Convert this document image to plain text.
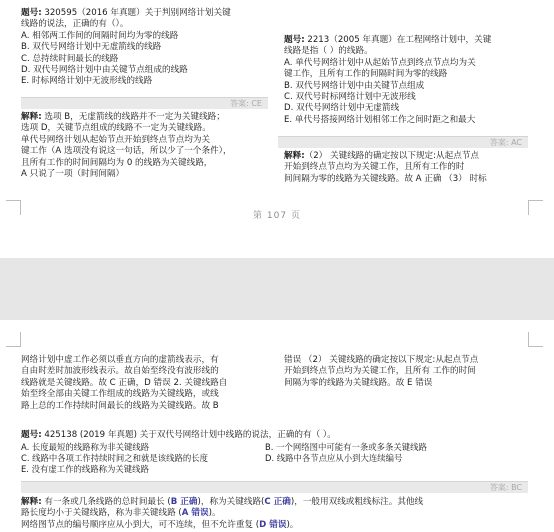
题号: 320595（2016 年真题）关于判别网络计划关键
线路的说法，正确的有（）。
A. 相邻两工作间的间隔时间均为零的线路
B. 双代号网络计划中无虚箭线的线路
C. 总持续时间最长的线路
D. 双代号网络计划中由关键节点组成的线路
E. 时标网络计划中无波形线的线路
答案: CE
解释: 选项 B，无虚箭线的线路并不一定为关键线路；
选项 D，关键节点组成的线路不一定为关键线路。
单代号网络计划从起始节点开始到终点节点均为关
键工作（A 选项没有说这一句话，所以少了一个条件），
且所有工作的时间间隔均为 0 的线路为关键线路，
A 只说了一项（时间间隔）
题号: 2213（2005 年真题）在工程网络计划中，关键
线路是指（ ）的线路。
A. 单代号网络计划中从起始节点到终点节点均为关
键工作，且所有工作的间隔时间为零的线路
B. 双代号网络计划中由关键节点组成
C. 双代号时标网络计划中无波形线
D. 双代号网络计划中无虚箭线
E. 单代号搭接网络计划相邻工作之间时距之和最大
答案: AC
解释:（2） 关键线路的确定按以下规定:从起点节点
开始到终点节点均为关键工作，且所有工作的时
间间隔为零的线路为关键线路。故 A 正确 （3） 时标
第 107 页
网络计划中虚工作必须以垂直方向的虚箭线表示，有
自由时差时加波形线表示。故自始至终没有波形线的
线路就是关键线路。故 C 正确，D 错误 2. 关键线路自
始至终全部由关键工作组成的线路为关键线路，或线
路上总的工作持续时间最长的线路为关键线路。故 B
错误 （2） 关键线路的确定按以下规定:从起点节点
开始到终点节点均为关键工作，且所有 工作的时间
间隔为零的线路为关键线路。故 E 错误
题号: 425138 (2019 年真题) 关于双代号网络计划中线路的说法，正确的有（ ）。
A. 长度最短的线路称为非关键线路	B. 一个网络图中可能有一条或多条关键线路
C. 线路中各项工作持续时间之和就是该线路的长度	D. 线路中各节点应从小到大连续编号
E. 没有虚工作的线路称为关键线路
答案: BC
解释: 有一条或几条线路的总时间最长 (B 正确)，称为关键线路(C 正确)，一般用双线或粗线标注。其他线
路长度均小于关键线路，称为非关键线路 (A 错误)。
网络图节点的编号顺序应从小到大，可不连续，但不允许重复 (D 错误)。
